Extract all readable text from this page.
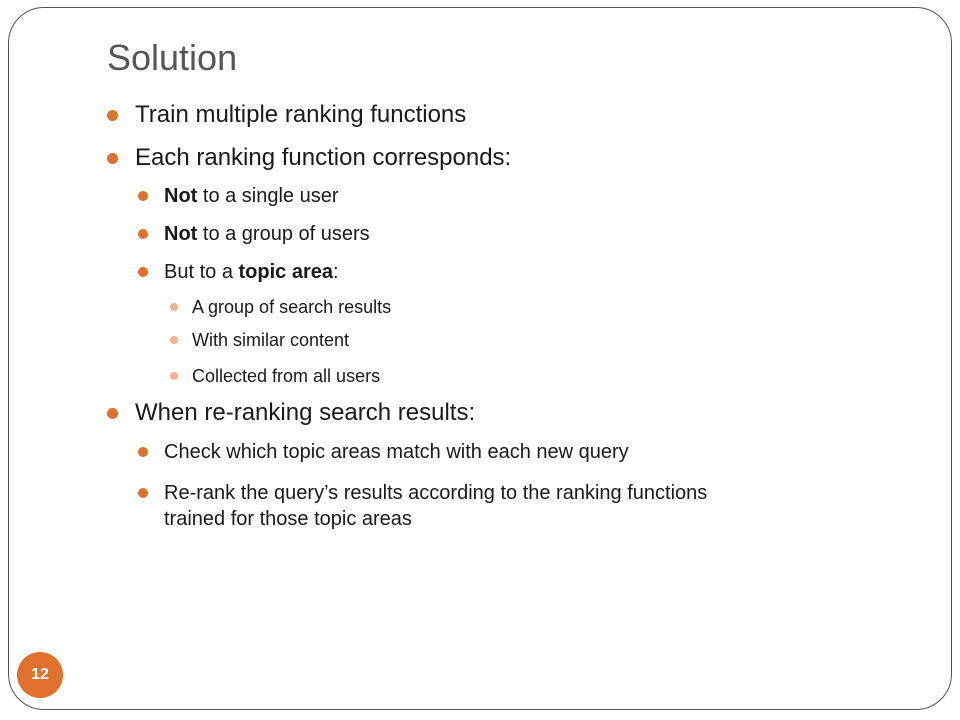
Solution
Train multiple ranking functions
Each ranking function corresponds:
Not to a single user
Not to a group of users
But to a topic area:
A group of search results
With similar content
Collected from all users
When re-ranking search results:
Check which topic areas match with each new query
Re-rank the query’s results according to the ranking functions
trained for those topic areas
12
